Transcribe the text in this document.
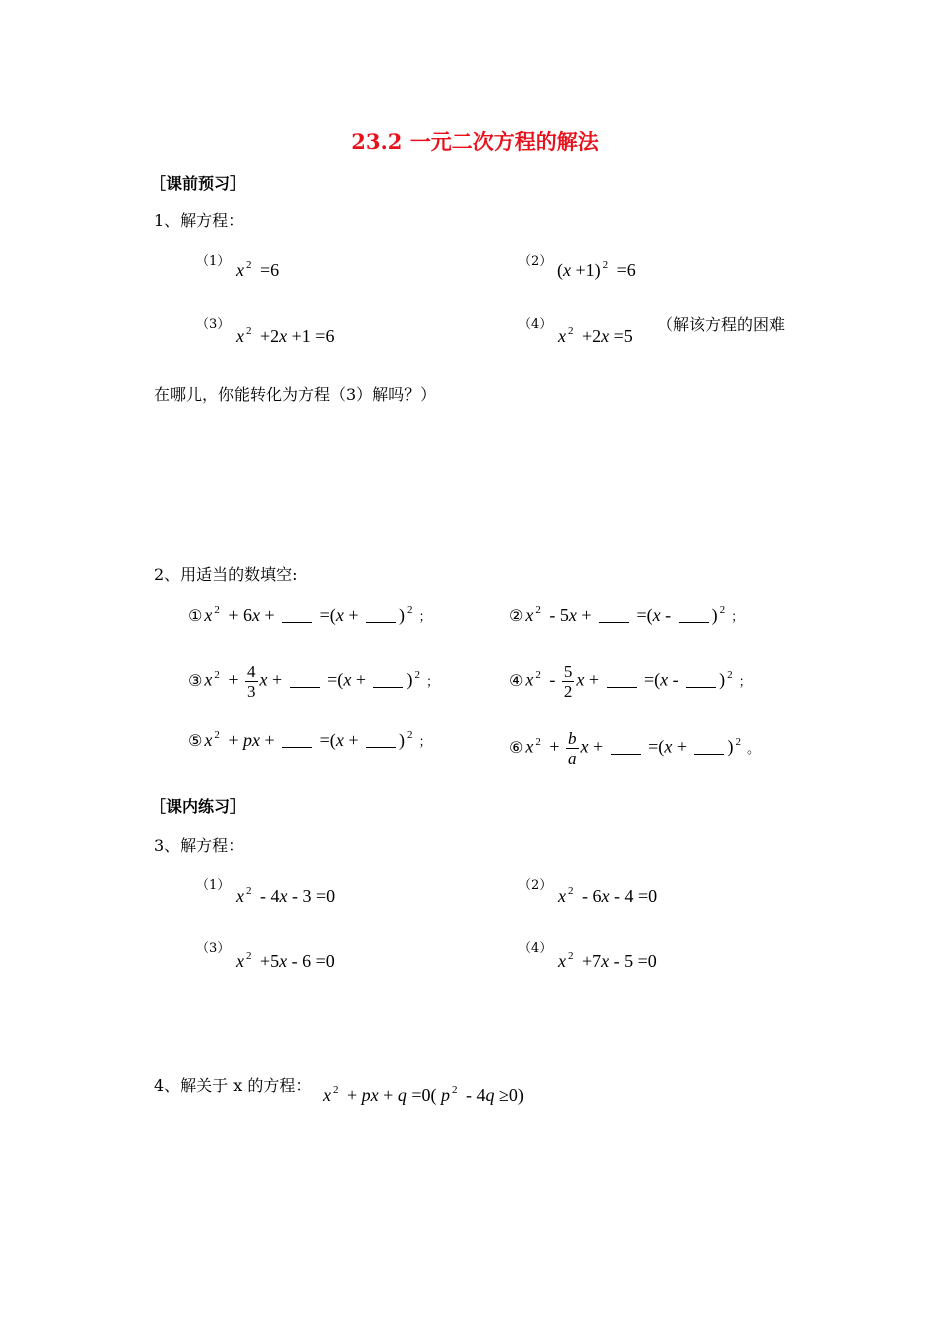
23.2 一元二次方程的解法
［课前预习］
1、解方程：
（1） x $^2$ =6	（2） (x +1) $^2$ =6
（3）
x $^2$ +2x +1 =6
（4）
x $^2$ +2x =5
（解该方程的困难
在哪儿，你能转化为方程（3）解吗？）
2、用适当的数填空:
① x $^2$ + 6x +  =(x + ) $^2$ ；	② x $^2$ - 5x +  =(x - ) $^2$ ；
③ x $^2 + \frac{4}{3}$ x +  =(x + ) $^2$ ；	④ x $^2 - \frac{5}{2}$ x +  =(x - ) $^2$ ；
⑤ x $^2$ + px +  =(x + ) $^2$ ；	⑥ x $^2 + \frac{b}{a}$ x +  =(x + ) $^2$ 。
［课内练习］
3、解方程：
（1）
x $^2$ - 4x - 3 =0
（2）
x $^2$ - 6x - 4 =0
（3）
x $^2$ +5x - 6 =0
（4）
x $^2$ +7x - 5 =0
4、解关于 x 的方程： x $^2$ + px + q =0( p $^2$ - 4q ≥0)
